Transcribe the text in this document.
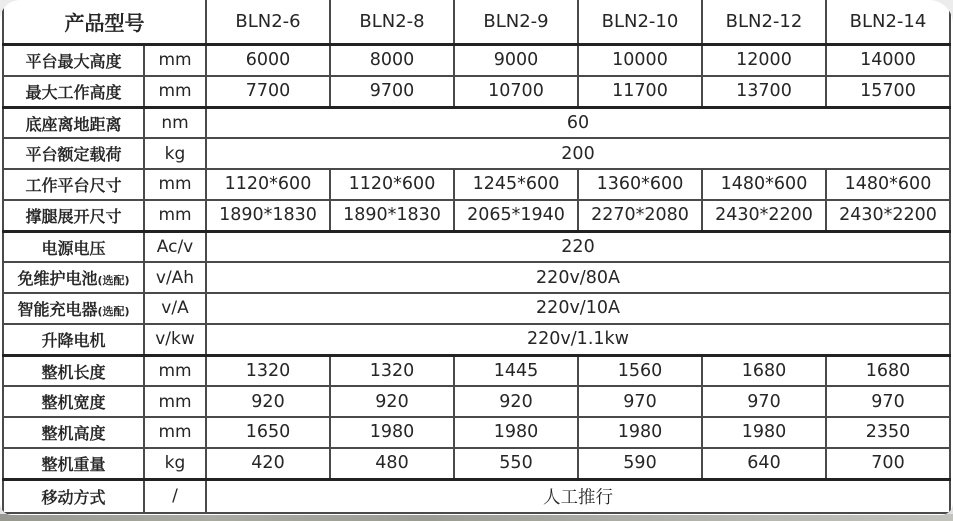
产品型号		BLN2-6	BLN2-8	BLN2-9	BLN2-10	BLN2-12	BLN2-14
平台最大高度	mm	6000	8000	9000	10000	12000	14000
最大工作高度	mm	7700	9700	10700	11700	13700	15700
底座离地距离	nm	60					
平台额定载荷	kg	200					
工作平台尺寸	mm	1120*600	1120*600	1245*600	1360*600	1480*600	1480*600
撑腿展开尺寸	mm	1890*1830	1890*1830	2065*1940	2270*2080	2430*2200	2430*2200
电源电压	Ac/v	220					
免维护电池(选配)	v/Ah	220v/80A					
智能充电器(选配)	v/A	220v/10A					
升降电机	v/kw	220v/1.1kw					
整机长度	mm	1320	1320	1445	1560	1680	1680
整机宽度	mm	920	920	920	970	970	970
整机高度	mm	1650	1980	1980	1980	1980	2350
整机重量	kg	420	480	550	590	640	700
移动方式	/	人工推行					
